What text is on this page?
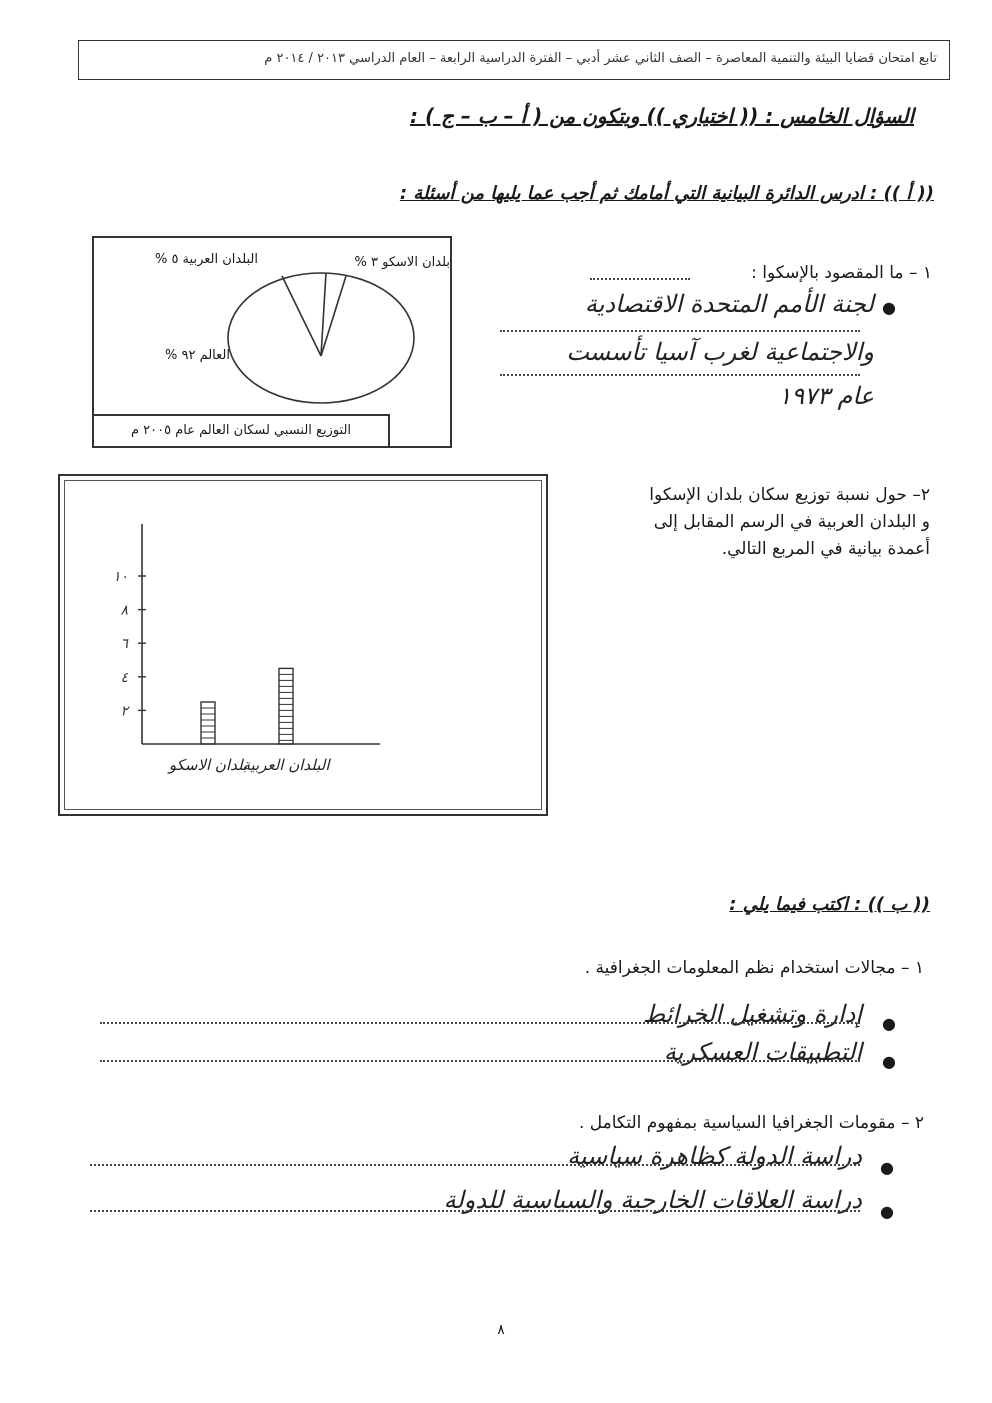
تابع امتحان قضايا البيئة والتنمية المعاصرة – الصف الثاني عشر أدبي – الفترة الدراسية الرابعة – العام الدراسي ٢٠١٣ / ٢٠١٤ م
السؤال الخامس : (( اختياري )) ويتكون من ( أ – ب – ج ) :
(( أ )) : ادرس الدائرة البيانية التي أمامك ثم أجب عما يليها من أسئلة :
بلدان الاسكو ٣ %
البلدان العربية ٥ %
العالم ٩٢ %
التوزيع النسبي لسكان العالم عام ٢٠٠٥ م
١ – ما المقصود بالإسكوا :
●
لجنة الأمم المتحدة الاقتصادية
والاجتماعية لغرب آسيا تأسست
عام ١٩٧٣
٢
٤
٦
٨
١٠
بلدان الاسكو
البلدان العربية
٢– حول نسبة توزيع سكان بلدان الإسكوا
و البلدان العربية في الرسم المقابل إلى
أعمدة بيانية في المربع التالي.
(( ب )) : اكتب فيما يلي :
١ – مجالات استخدام نظم المعلومات الجغرافية .
●
إدارة وتشغيل الخرائط
●
التطبيقات العسكرية
٢ – مقومات الجغرافيا السياسية بمفهوم التكامل .
●
دراسة الدولة كظاهرة سياسية
●
دراسة العلاقات الخارجية والسياسية للدولة
٨
